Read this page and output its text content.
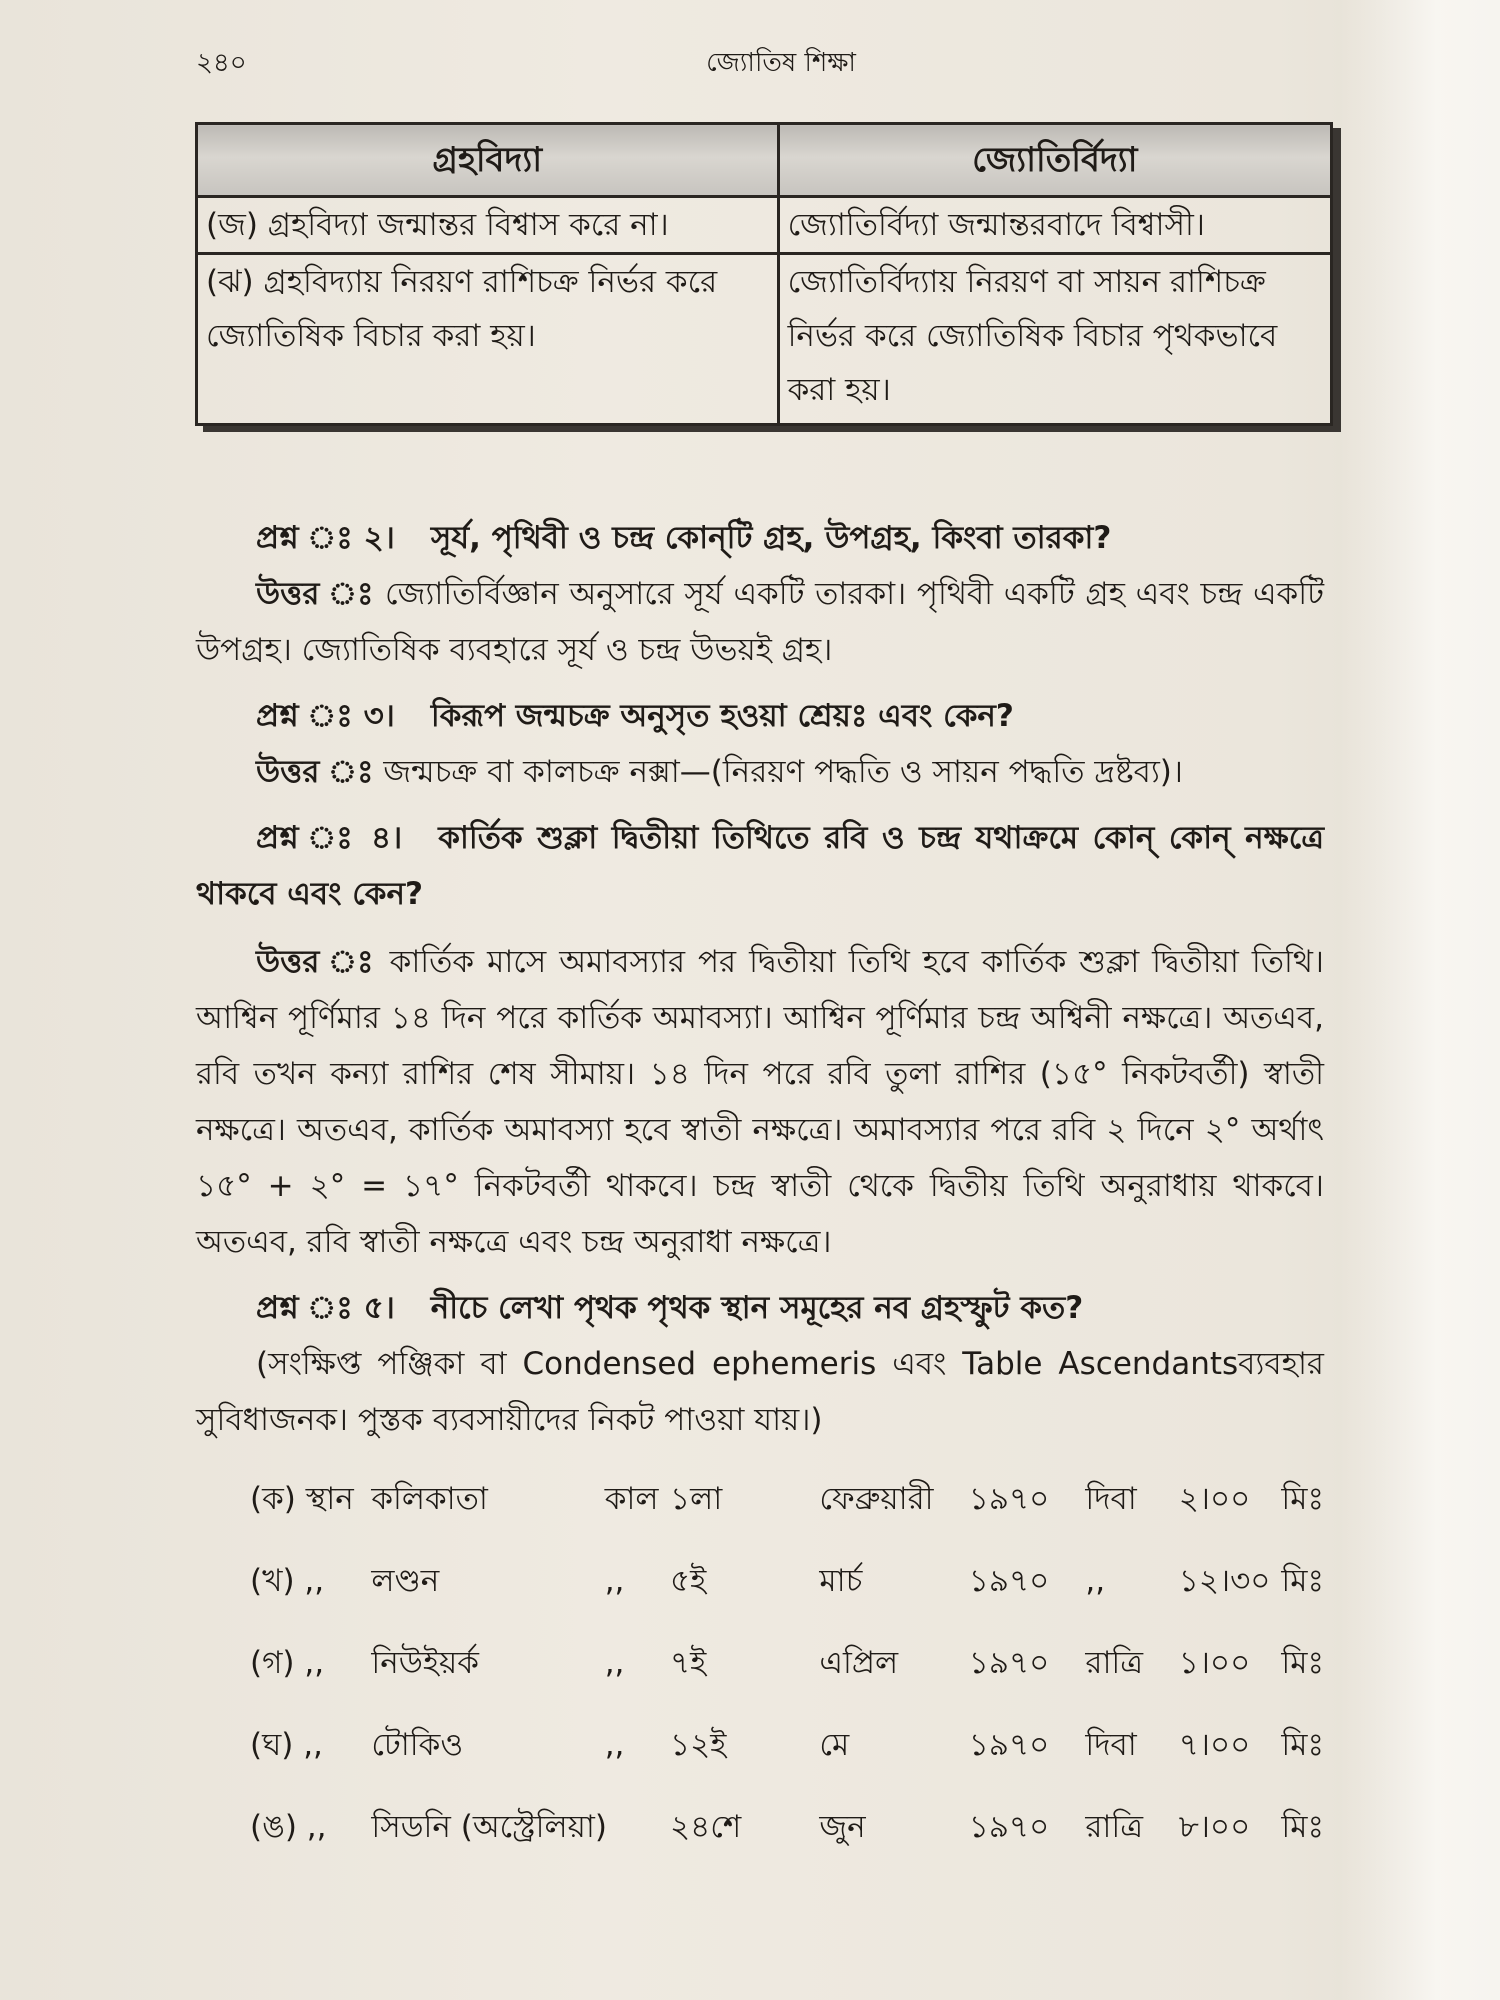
২৪০	জ্যোতিষ শিক্ষা
গ্রহবিদ্যা	জ্যোতির্বিদ্যা
(জ) গ্রহবিদ্যা জন্মান্তর বিশ্বাস করে না।	জ্যোতির্বিদ্যা জন্মান্তরবাদে বিশ্বাসী।
(ঝ) গ্রহবিদ্যায় নিরয়ণ রাশিচক্র নির্ভর করে জ্যোতিষিক বিচার করা হয়।	জ্যোতির্বিদ্যায় নিরয়ণ বা সায়ন রাশিচক্র নির্ভর করে জ্যোতিষিক বিচার পৃথকভাবে করা হয়।

প্রশ্ন ঃ ২। সূর্য, পৃথিবী ও চন্দ্র কোন্‌টি গ্রহ, উপগ্রহ, কিংবা তারকা?

উত্তর ঃ জ্যোতির্বিজ্ঞান অনুসারে সূর্য একটি তারকা। পৃথিবী একটি গ্রহ এবং চন্দ্র একটি উপগ্রহ। জ্যোতিষিক ব্যবহারে সূর্য ও চন্দ্র উভয়ই গ্রহ।

প্রশ্ন ঃ ৩। কিরূপ জন্মচক্র অনুসৃত হওয়া শ্রেয়ঃ এবং কেন?

উত্তর ঃ জন্মচক্র বা কালচক্র নক্সা—(নিরয়ণ পদ্ধতি ও সায়ন পদ্ধতি দ্রষ্টব্য)।

প্রশ্ন ঃ ৪। কার্তিক শুক্লা দ্বিতীয়া তিথিতে রবি ও চন্দ্র যথাক্রমে কোন্‌ কোন্‌ নক্ষত্রে থাকবে এবং কেন?

উত্তর ঃ কার্তিক মাসে অমাবস্যার পর দ্বিতীয়া তিথি হবে কার্তিক শুক্লা দ্বিতীয়া তিথি। আশ্বিন পূর্ণিমার ১৪ দিন পরে কার্তিক অমাবস্যা। আশ্বিন পূর্ণিমার চন্দ্র অশ্বিনী নক্ষত্রে। অতএব, রবি তখন কন্যা রাশির শেষ সীমায়। ১৪ দিন পরে রবি তুলা রাশির (১৫° নিকটবর্তী) স্বাতী নক্ষত্রে। অতএব, কার্তিক অমাবস্যা হবে স্বাতী নক্ষত্রে। অমাবস্যার পরে রবি ২ দিনে ২° অর্থাৎ ১৫° + ২° = ১৭° নিকটবর্তী থাকবে। চন্দ্র স্বাতী থেকে দ্বিতীয় তিথি অনুরাধায় থাকবে। অতএব, রবি স্বাতী নক্ষত্রে এবং চন্দ্র অনুরাধা নক্ষত্রে।

প্রশ্ন ঃ ৫। নীচে লেখা পৃথক পৃথক স্থান সমূহের নব গ্রহস্ফুট কত?

(সংক্ষিপ্ত পঞ্জিকা বা Condensed ephemeris এবং Table Ascendantsব্যবহার সুবিধাজনক। পুস্তক ব্যবসায়ীদের নিকট পাওয়া যায়।)

(ক) স্থান কলিকাতা	কাল ১লা	ফেব্রুয়ারী	১৯৭০	দিবা	২।০০	মিঃ
(খ) ,,	লণ্ডন	,,	৫ই	মার্চ	১৯৭০	,,	১২।৩০ মিঃ
(গ) ,,	নিউইয়র্ক	,,	৭ই	এপ্রিল	১৯৭০	রাত্রি	১।০০	মিঃ
(ঘ) ,,	টোকিও	,,	১২ই	মে	১৯৭০	দিবা	৭।০০	মিঃ
(ঙ) ,,	সিডনি (অস্ট্রেলিয়া)	২৪শে	জুন	১৯৭০	রাত্রি	৮।০০	মিঃ
